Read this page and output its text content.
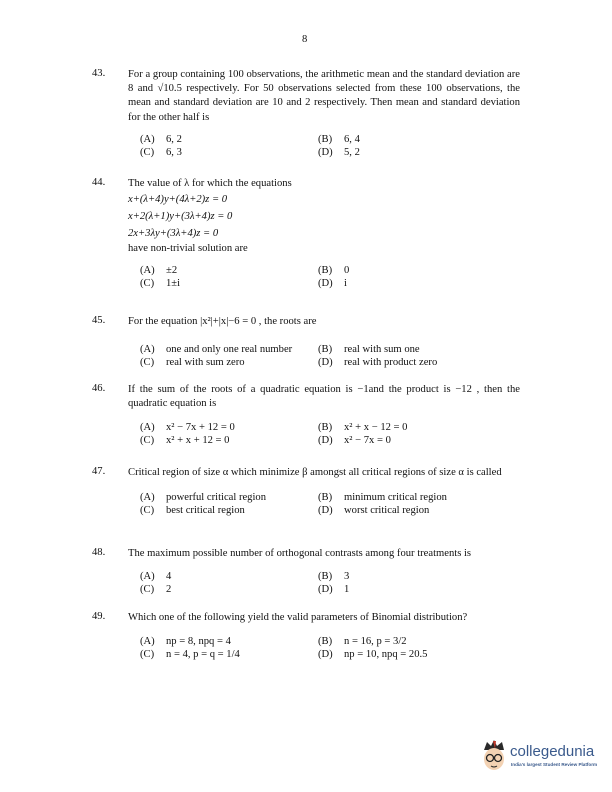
8
43. For a group containing 100 observations, the arithmetic mean and the standard deviation are 8 and √10.5 respectively. For 50 observations selected from these 100 observations, the mean and standard deviation are 10 and 2 respectively. Then mean and standard deviation for the other half is
(A) 6, 2	(B) 6, 4
(C) 6, 3	(D) 5, 2
44. The value of λ for which the equations
x+(λ+4)y+(4λ+2)z = 0
x+2(λ+1)y+(3λ+4)z = 0
2x+3λy+(3λ+4)z = 0
have non-trivial solution are
(A) ±2	(B) 0
(C) 1±i	(D) i
45. For the equation |x²|+|x|−6 = 0 , the roots are
(A) one and only one real number (B) real with sum one
(C) real with sum zero	(D) real with product zero
46. If the sum of the roots of a quadratic equation is −1and the product is −12 , then the quadratic equation is
(A) x² − 7x + 12 = 0	(B) x² + x − 12 = 0
(C) x² + x + 12 = 0	(D) x² − 7x = 0
47. Critical region of size α which minimize β amongst all critical regions of size α is called
(A) powerful critical region	(B) minimum critical region
(C) best critical region	(D) worst critical region
48. The maximum possible number of orthogonal contrasts among four treatments is
(A) 4	(B) 3
(C) 2	(D) 1
49. Which one of the following yield the valid parameters of Binomial distribution?
(A) np = 8, npq = 4	(B) n = 16, p = 3/2
(C) n = 4, p = q = 1/4	(D) np = 10, npq = 20.5
collegedunia
India's largest Student Review Platform
